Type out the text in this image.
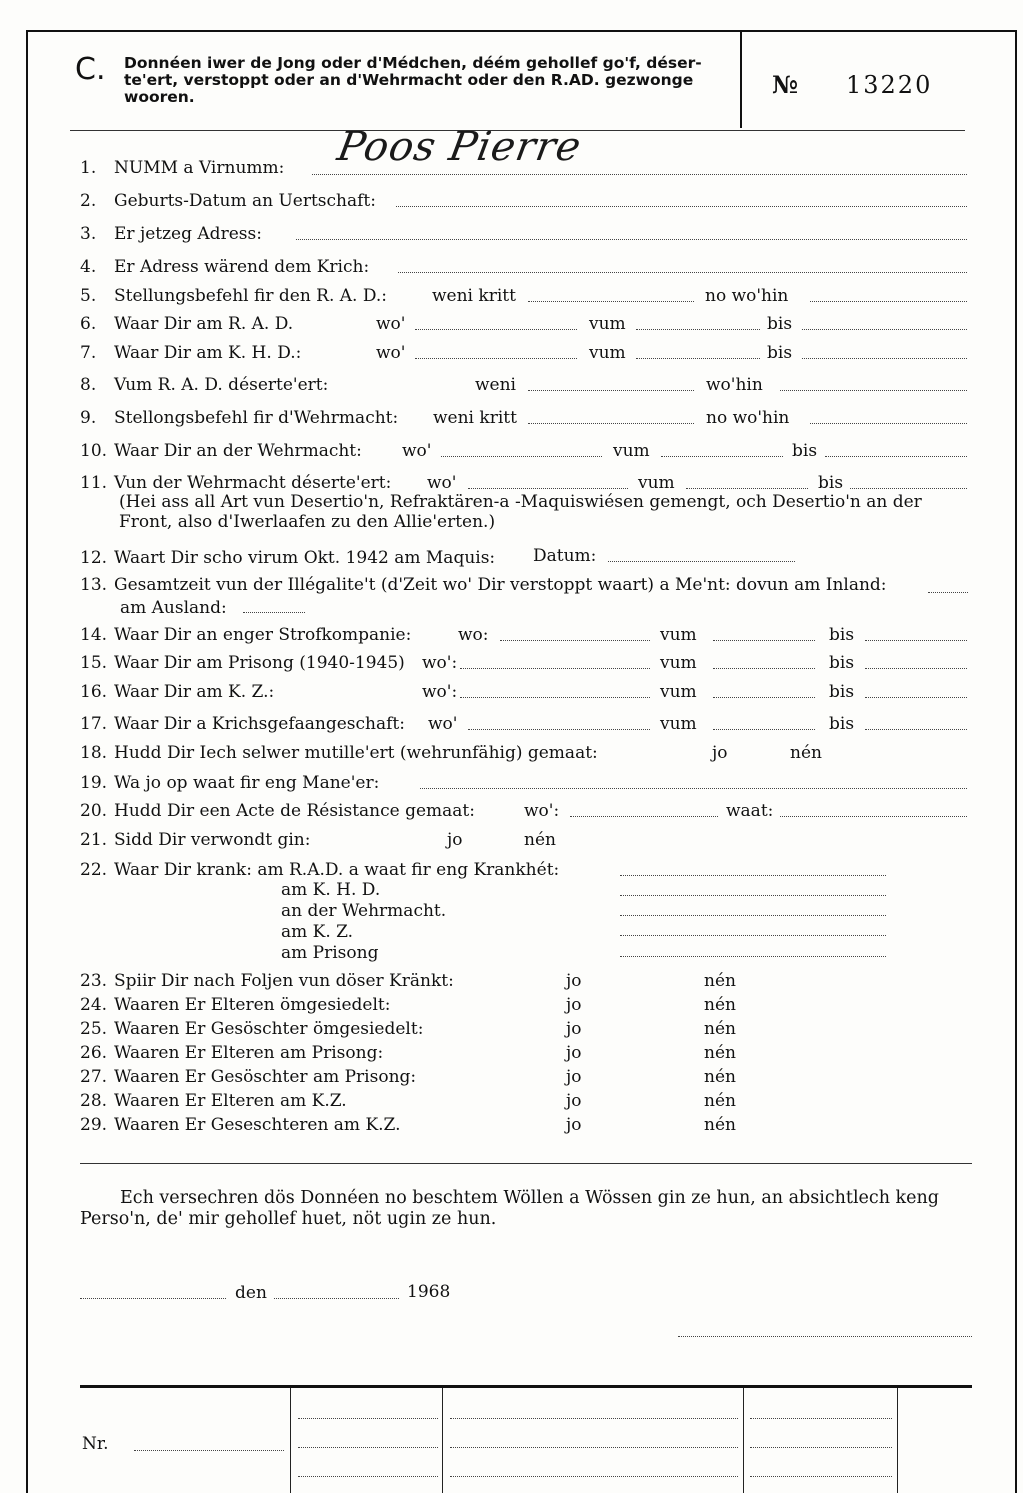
C. Donnéen iwer de Jong oder d'Médchen, déém gehollef go'f, déser-te'ert, verstoppt oder an d'Wehrmacht oder den R.AD. gezwonge wooren.	№ 13220
Poos Pierre
1. NUMM a Virnumm:
2. Geburts-Datum an Uertschaft:
3. Er jetzeg Adress:
4. Er Adress wärend dem Krich:
5. Stellungsbefehl fir den R. A. D.:	weni kritt	no wo'hin
6. Waar Dir am R. A. D.	wo'	vum	bis
7. Waar Dir am K. H. D.:	wo'	vum	bis
8. Vum R. A. D. déserte'ert:	weni	wo'hin
9. Stellongsbefehl fir d'Wehrmacht: weni kritt	no wo'hin
10. Waar Dir an der Wehrmacht: wo'	vum	bis
11. Vun der Wehrmacht déserte'ert: wo'	vum	bis
(Hei ass all Art vun Desertio'n, Refraktären-a -Maquiswiésen gemengt, och Desertio'n an der Front, also d'Iwerlaafen zu den Allie'erten.)
12. Waart Dir scho virum Okt. 1942 am Maquis: Datum:
13. Gesamtzeit vun der Illégalite't (d'Zeit wo' Dir verstoppt waart) a Me'nt: dovun am Inland:
am Ausland:
14. Waar Dir an enger Strofkompanie:	wo:	vum	bis
15. Waar Dir am Prisong (1940-1945) wo':	vum	bis
16. Waar Dir am K. Z.:	wo':	vum	bis
17. Waar Dir a Krichsgefaangeschaft: wo'	vum	bis
18. Hudd Dir Iech selwer mutille'ert (wehrunfähig) gemaat:	jo	nén
19. Wa jo op waat fir eng Mane'er:
20. Hudd Dir een Acte de Résistance gemaat:	wo':	waat:
21. Sidd Dir verwondt gin:	jo	nén
22. Waar Dir krank: am R.A.D. a waat fir eng Krankhét:
am K. H. D.
an der Wehrmacht.
am K. Z.
am Prisong
23. Spiir Dir nach Foljen vun döser Kränkt:	jo	nén
24. Waaren Er Elteren ömgesiedelt:	jo	nén
25. Waaren Er Gesöschter ömgesiedelt:	jo	nén
26. Waaren Er Elteren am Prisong:	jo	nén
27. Waaren Er Gesöschter am Prisong:	jo	nén
28. Waaren Er Elteren am K.Z.	jo	nén
29. Waaren Er Geseschteren am K.Z.	jo	nén
Ech versechren dös Donnéen no beschtem Wöllen a Wössen gin ze hun, an absichtlech keng Perso'n, de' mir gehollef huet, nöt ugin ze hun.
den	1968
Nr.
